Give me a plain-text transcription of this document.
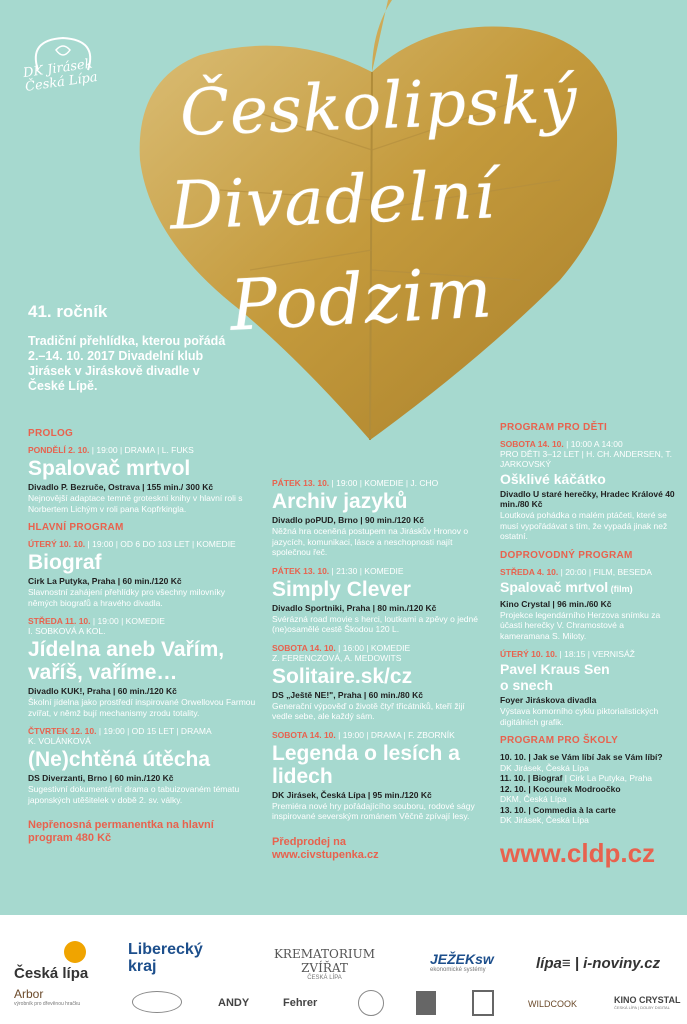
DK Jirásek
Česká Lípa Českolipský
Divadelní
Podzim
41. ročník
Tradiční přehlídka, kterou pořádá 2.–14. 10. 2017 Divadelní klub Jirásek v Jiráskově divadle v České Lípě.
PROLOG
PONDĚLÍ 2. 10. | 19:00 | DRAMA | L. FUKS
Spalovač mrtvol
Divadlo P. Bezruče, Ostrava | 155 min./ 300 Kč
Nejnovější adaptace temně groteskní knihy v hlavní roli s Norbertem Lichým v roli pana Kopfrkingla.
HLAVNÍ PROGRAM
ÚTERÝ 10. 10. | 19:00 | OD 6 DO 103 LET | KOMEDIE
Biograf
Cirk La Putyka, Praha | 60 min./120 Kč
Slavnostní zahájení přehlídky pro všechny milovníky němých biografů a hravého divadla.
STŘEDA 11. 10. | 19:00 | KOMEDIE
I. SOBKOVÁ A KOL.
Jídelna aneb Vařím, vaříš, vaříme…
Divadlo KUK!, Praha | 60 min./120 Kč
Školní jídelna jako prostředí inspirované Orwellovou Farmou zvířat, v němž bují mechanismy zrodu totality.
ČTVRTEK 12. 10. | 19:00 | OD 15 LET | DRAMA
K. VOLÁNKOVÁ
(Ne)chtěná útěcha
DS Diverzanti, Brno | 60 min./120 Kč
Sugestivní dokumentární drama o tabuizovaném tématu japonských utěšitelek v době 2. sv. války.
Nepřenosná permanentka na hlavní program 480 Kč
PÁTEK 13. 10. | 19:00 | KOMEDIE | J. CHO
Archiv jazyků
Divadlo poPUD, Brno | 90 min./120 Kč
Něžná hra oceněná postupem na Jiráskův Hronov o jazycích, komunikaci, lásce a neschopnosti najít společnou řeč.
PÁTEK 13. 10. | 21:30 | KOMEDIE
Simply Clever
Divadlo Sportniki, Praha | 80 min./120 Kč
Svérázná road movie s herci, loutkami a zpěvy o jedné (ne)osamělé cestě Škodou 120 L.
SOBOTA 14. 10. | 16:00 | KOMEDIE
Z. FERENCZOVÁ, A. MEDOWITS
Solitaire.sk/cz
DS „Ještě NE!", Praha | 60 min./80 Kč
Generační výpověď o životě čtyř třicátníků, kteří žijí vedle sebe, ale každý sám.
SOBOTA 14. 10. | 19:00 | DRAMA | F. ZBORNÍK
Legenda o lesích a lidech
DK Jirásek, Česká Lípa | 95 min./120 Kč
Premiéra nové hry pořádajícího souboru, rodové ságy inspirované severským románem Věčně zpívají lesy.
Předprodej na www.civstupenka.cz
PROGRAM PRO DĚTI
SOBOTA 14. 10. | 10:00 A 14:00
PRO DĚTI 3–12 LET | H. CH. ANDERSEN, T. JARKOVSKÝ
Ošklivé káčátko
Divadlo U staré herečky, Hradec Králové 40 min./80 Kč
Loutková pohádka o malém ptáčeti, které se musí vypořádávat s tím, že vypadá jinak než ostatní.
DOPROVODNÝ PROGRAM
STŘEDA 4. 10. | 20:00 | FILM, BESEDA
Spalovač mrtvol (film)
Kino Crystal | 96 min./60 Kč
Projekce legendárního Herzova snímku za účasti herečky V. Chramostové a kameramana S. Miloty.
ÚTERÝ 10. 10. | 18:15 | VERNISÁŽ
Pavel Kraus Sen o snech
Foyer Jiráskova divadla
Výstava komorního cyklu piktorialistických digitálních grafik.
PROGRAM PRO ŠKOLY
10. 10. | Jak se Vám líbí Jak se Vám líbí?
DK Jirásek, Česká Lípa
11. 10. | Biograf | Cirk La Putyka, Praha
12. 10. | Kocourek Modroočko
DKM, Česká Lípa
13. 10. | Commedia à la carte
DK Jirásek, Česká Lípa
www.cldp.cz

Česká lípa
Liberecký kraj
KREMATORIUM ZVÍŘAT
ČESKÁ LÍPA
JEŽEKsw
ekonomické systémy	lípa≡ | i-noviny.cz
Arbor
výrobník pro dřevěnou hračku	ANDY	Fehrer	WILDCOOK	KINO CRYSTAL
ČESKÁ LÍPA | DOLBY DIGITAL
